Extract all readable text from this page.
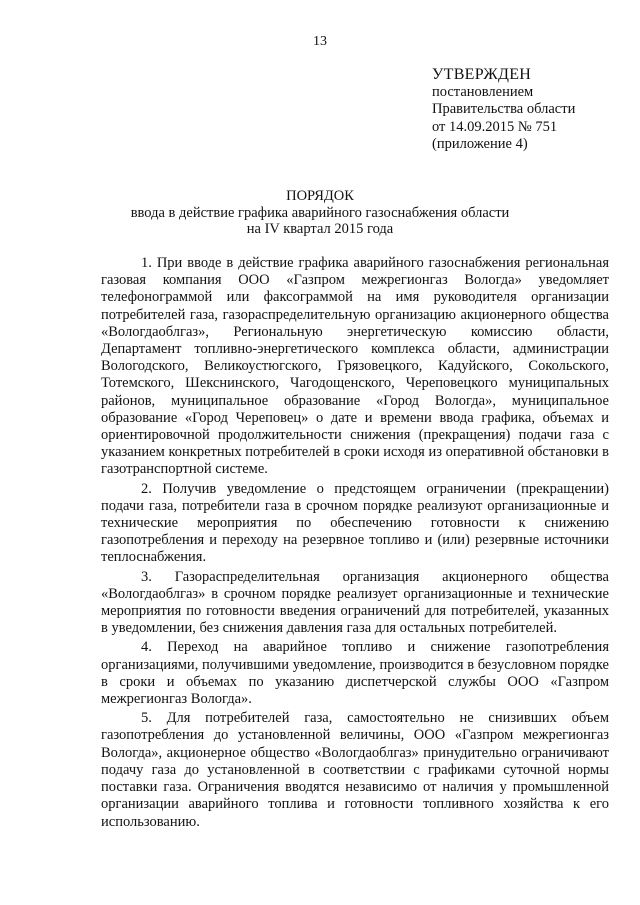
13
УТВЕРЖДЕН
постановлением
Правительства области
от 14.09.2015 № 751
(приложение 4)
ПОРЯДОК
ввода в действие графика аварийного газоснабжения области
на IV квартал 2015 года

1. При вводе в действие графика аварийного газоснабжения региональная газовая компания ООО «Газпром межрегионгаз Вологда» уведомляет телефонограммой или факсограммой на имя руководителя организации потребителей газа, газораспределительную организацию акционерного общества «Вологдаоблгаз», Региональную энергетическую комиссию области, Департамент топливно-энергетического комплекса области, администрации Вологодского, Великоустюгского, Грязовецкого, Кадуйского, Сокольского, Тотемского, Шекснинского, Чагодощенского, Череповецкого муниципальных районов, муниципальное образование «Город Вологда», муниципальное образование «Город Череповец» о дате и времени ввода графика, объемах и ориентировочной продолжительности снижения (прекращения) подачи газа с указанием конкретных потребителей в сроки исходя из оперативной обстановки в газотранспортной системе.

2. Получив уведомление о предстоящем ограничении (прекращении) подачи газа, потребители газа в срочном порядке реализуют организационные и технические мероприятия по обеспечению готовности к снижению газопотребления и переходу на резервное топливо и (или) резервные источники теплоснабжения.

3. Газораспределительная организация акционерного общества «Вологдаоблгаз» в срочном порядке реализует организационные и технические мероприятия по готовности введения ограничений для потребителей, указанных в уведомлении, без снижения давления газа для остальных потребителей.

4. Переход на аварийное топливо и снижение газопотребления организациями, получившими уведомление, производится в безусловном порядке в сроки и объемах по указанию диспетчерской службы ООО «Газпром межрегионгаз Вологда».

5. Для потребителей газа, самостоятельно не снизивших объем газопотребления до установленной величины, ООО «Газпром межрегионгаз Вологда», акционерное общество «Вологдаоблгаз» принудительно ограничивают подачу газа до установленной в соответствии с графиками суточной нормы поставки газа. Ограничения вводятся независимо от наличия у промышленной организации аварийного топлива и готовности топливного хозяйства к его использованию.
